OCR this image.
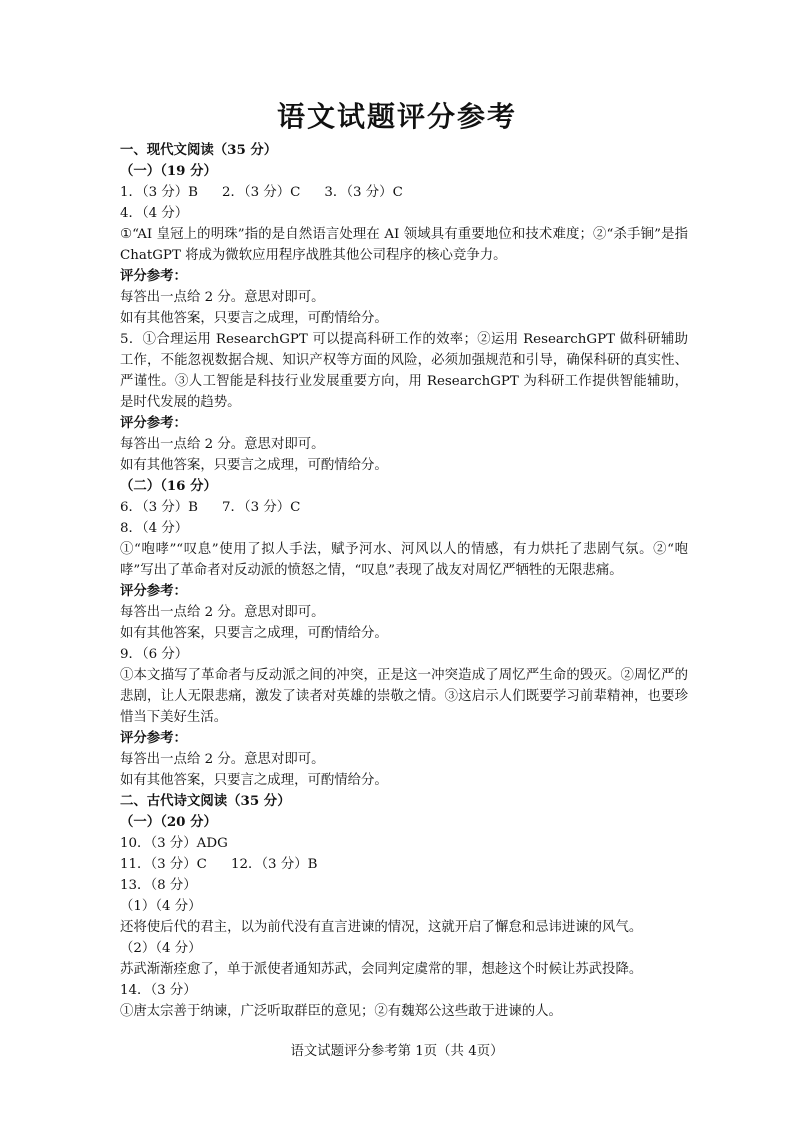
语文试题评分参考
一、现代文阅读（35 分）
（一）（19 分）
1．（3 分）B 2．（3 分）C 3．（3 分）C
4．（4 分）
①“AI 皇冠上的明珠”指的是自然语言处理在 AI 领域具有重要地位和技术难度；②“杀手锏”是指 ChatGPT 将成为微软应用程序战胜其他公司程序的核心竞争力。
评分参考：
每答出一点给 2 分。意思对即可。
如有其他答案，只要言之成理，可酌情给分。
5．①合理运用 ResearchGPT 可以提高科研工作的效率；②运用 ResearchGPT 做科研辅助工作，不能忽视数据合规、知识产权等方面的风险，必须加强规范和引导，确保科研的真实性、严谨性。③人工智能是科技行业发展重要方向，用 ResearchGPT 为科研工作提供智能辅助，是时代发展的趋势。
评分参考：
每答出一点给 2 分。意思对即可。
如有其他答案，只要言之成理，可酌情给分。
（二）（16 分）
6．（3 分）B 7．（3 分）C
8．（4 分）
①“咆哮”“叹息”使用了拟人手法，赋予河水、河风以人的情感，有力烘托了悲剧气氛。②“咆哮”写出了革命者对反动派的愤怒之情，“叹息”表现了战友对周忆严牺牲的无限悲痛。
评分参考：
每答出一点给 2 分。意思对即可。
如有其他答案，只要言之成理，可酌情给分。
9．（6 分）
①本文描写了革命者与反动派之间的冲突，正是这一冲突造成了周忆严生命的毁灭。②周忆严的悲剧，让人无限悲痛，激发了读者对英雄的崇敬之情。③这启示人们既要学习前辈精神，也要珍惜当下美好生活。
评分参考：
每答出一点给 2 分。意思对即可。
如有其他答案，只要言之成理，可酌情给分。
二、古代诗文阅读（35 分）
（一）（20 分）
10．（3 分）ADG
11．（3 分）C 12．（3 分）B
13．（8 分）
（1）（4 分）
还将使后代的君主，以为前代没有直言进谏的情况，这就开启了懈怠和忌讳进谏的风气。
（2）（4 分）
苏武渐渐痊愈了，单于派使者通知苏武，会同判定虞常的罪，想趁这个时候让苏武投降。
14．（3 分）
①唐太宗善于纳谏，广泛听取群臣的意见；②有魏郑公这些敢于进谏的人。
语文试题评分参考第 1页（共 4页）
